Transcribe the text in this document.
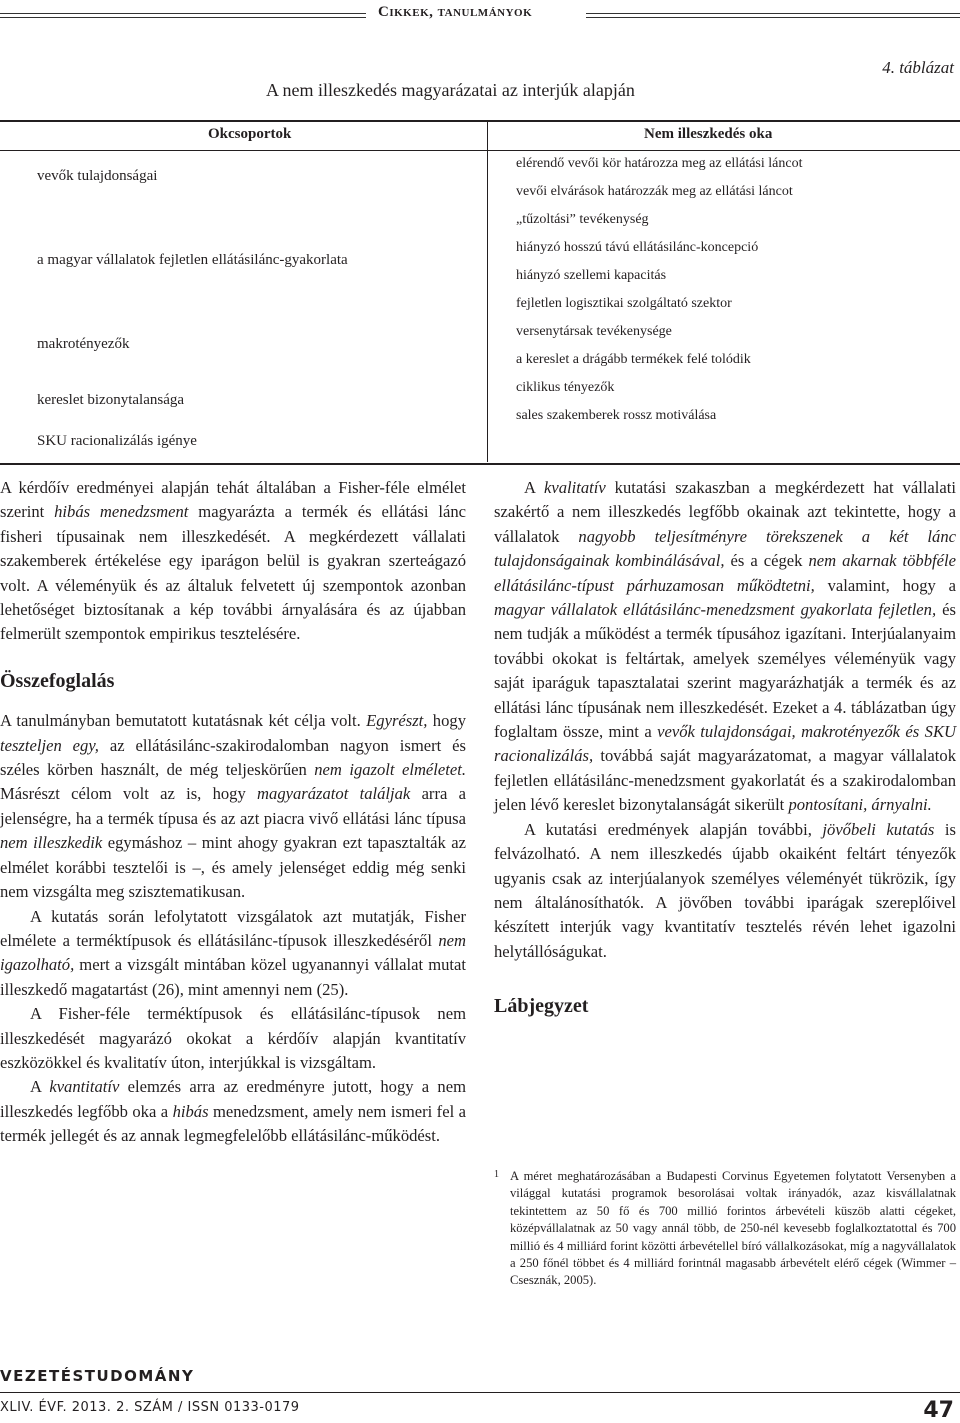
Cikkek, tanulmányok
4. táblázat
A nem illeszkedés magyarázatai az interjúk alapján
Okcsoportok	Nem illeszkedés oka
vevők tulajdonságai
a magyar vállalatok fejletlen ellátásilánc-gyakorlata
makrotényezők
kereslet bizonytalansága
SKU racionalizálás igénye
elérendő vevői kör határozza meg az ellátási láncot
vevői elvárások határozzák meg az ellátási láncot
„tűzoltási” tevékenység
hiányzó hosszú távú ellátásilánc-koncepció
hiányzó szellemi kapacitás
fejletlen logisztikai szolgáltató szektor
versenytársak tevékenysége
a kereslet a drágább termékek felé tolódik
ciklikus tényezők
sales szakemberek rossz motiválása

A kérdőív eredményei alapján tehát általában a Fisher-féle elmélet szerint hibás menedzsment magyarázta a termék és ellátási lánc fisheri típusainak nem illeszkedését. A megkérdezett vállalati szakemberek értékelése egy iparágon belül is gyakran szerteágazó volt. A véleményük és az általuk felvetett új szempontok azonban lehetőséget biztosítanak a kép további árnyalására és az újabban felmerült szempontok empirikus tesztelésére.

Összefoglalás

A tanulmányban bemutatott kutatásnak két célja volt. Egyrészt, hogy teszteljen egy, az ellátásilánc-szakirodalomban nagyon ismert és széles körben használt, de még teljeskörűen nem igazolt elméletet. Másrészt célom volt az is, hogy magyarázatot találjak arra a jelenségre, ha a termék típusa és az azt piacra vivő ellátási lánc típusa nem illeszkedik egymáshoz – mint ahogy gyakran ezt tapasztalták az elmélet korábbi tesztelői is –, és amely jelenséget eddig még senki nem vizsgálta meg szisztematikusan.

A kutatás során lefolytatott vizsgálatok azt mutatják, Fisher elmélete a terméktípusok és ellátásilánc-típusok illeszkedéséről nem igazolható, mert a vizsgált mintában közel ugyanannyi vállalat mutat illeszkedő magatartást (26), mint amennyi nem (25).

A Fisher-féle terméktípusok és ellátásilánc-típusok nem illeszkedését magyarázó okokat a kérdőív alapján kvantitatív eszközökkel és kvalitatív úton, interjúkkal is vizsgáltam.

A kvantitatív elemzés arra az eredményre jutott, hogy a nem illeszkedés legfőbb oka a hibás menedzsment, amely nem ismeri fel a termék jellegét és az annak legmegfelelőbb ellátásilánc-működést.

A kvalitatív kutatási szakaszban a megkérdezett hat vállalati szakértő a nem illeszkedés legfőbb okainak azt tekintette, hogy a vállalatok nagyobb teljesítményre törekszenek a két lánc tulajdonságainak kombinálásával, és a cégek nem akarnak többféle ellátásilánc-típust párhuzamosan működtetni, valamint, hogy a magyar vállalatok ellátásilánc-menedzsment gyakorlata fejletlen, és nem tudják a működést a termék típusához igazítani. Interjúalanyaim további okokat is feltártak, amelyek személyes véleményük vagy saját iparáguk tapasztalatai szerint magyarázhatják a termék és az ellátási lánc típusának nem illeszkedését. Ezeket a 4. táblázatban úgy foglaltam össze, mint a vevők tulajdonságai, makrotényezők és SKU racionalizálás, továbbá saját magyarázatomat, a magyar vállalatok fejletlen ellátásilánc-menedzsment gyakorlatát és a szakirodalomban jelen lévő kereslet bizonytalanságát sikerült pontosítani, árnyalni.

A kutatási eredmények alapján további, jövőbeli kutatás is felvázolható. A nem illeszkedés újabb okaiként feltárt tényezők ugyanis csak az interjúalanyok személyes véleményét tükrözik, így nem általánosíthatók. A jövőben további iparágak szereplőivel készített interjúk vagy kvantitatív tesztelés révén lehet igazolni helytállóságukat.

Lábjegyzet
1 A méret meghatározásában a Budapesti Corvinus Egyetemen folytatott Versenyben a világgal kutatási programok besorolásai voltak irányadók, azaz kisvállalatnak tekintettem az 50 fő és 700 millió forintos árbevételi küszöb alatti cégeket, középvállalatnak az 50 vagy annál több, de 250-nél kevesebb foglalkoztatottal és 700 millió és 4 milliárd forint közötti árbevétellel bíró vállalkozásokat, míg a nagyvállalatok a 250 főnél többet és 4 milliárd forintnál magasabb árbevételt elérő cégek (Wimmer – Csesznák, 2005).
VEZETÉSTUDOMÁNY
XLIV. ÉVF. 2013. 2. SZÁM / ISSN 0133-0179	47
